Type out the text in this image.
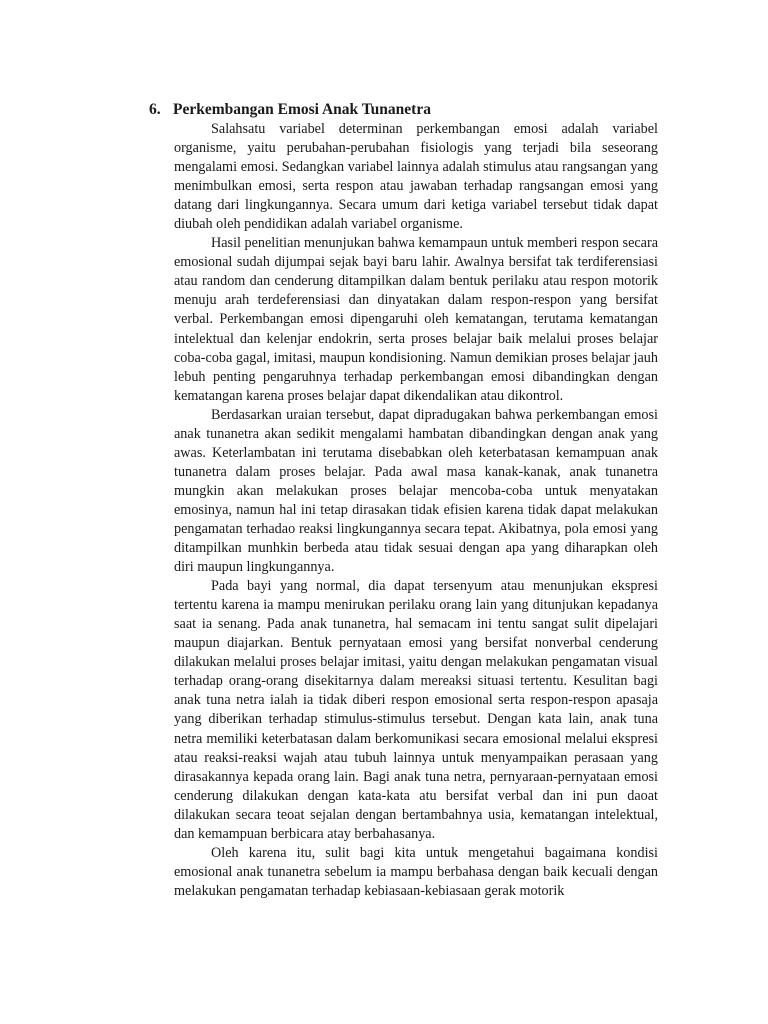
6. Perkembangan Emosi Anak Tunanetra

Salahsatu variabel determinan perkembangan emosi adalah variabel organisme, yaitu perubahan-perubahan fisiologis yang terjadi bila seseorang mengalami emosi. Sedangkan variabel lainnya adalah stimulus atau rangsangan yang menimbulkan emosi, serta respon atau jawaban terhadap rangsangan emosi yang datang dari lingkungannya. Secara umum dari ketiga variabel tersebut tidak dapat diubah oleh pendidikan adalah variabel organisme.

Hasil penelitian menunjukan bahwa kemampaun untuk memberi respon secara emosional sudah dijumpai sejak bayi baru lahir. Awalnya bersifat tak terdiferensiasi atau random dan cenderung ditampilkan dalam bentuk perilaku atau respon motorik menuju arah terdeferensiasi dan dinyatakan dalam respon-respon yang bersifat verbal. Perkembangan emosi dipengaruhi oleh kematangan, terutama kematangan intelektual dan kelenjar endokrin, serta proses belajar baik melalui proses belajar coba-coba gagal, imitasi, maupun kondisioning. Namun demikian proses belajar jauh lebuh penting pengaruhnya terhadap perkembangan emosi dibandingkan dengan kematangan karena proses belajar dapat dikendalikan atau dikontrol.

Berdasarkan uraian tersebut, dapat dipradugakan bahwa perkembangan emosi anak tunanetra akan sedikit mengalami hambatan dibandingkan dengan anak yang awas. Keterlambatan ini terutama disebabkan oleh keterbatasan kemampuan anak tunanetra dalam proses belajar. Pada awal masa kanak-kanak, anak tunanetra mungkin akan melakukan proses belajar mencoba-coba untuk menyatakan emosinya, namun hal ini tetap dirasakan tidak efisien karena tidak dapat melakukan pengamatan terhadao reaksi lingkungannya secara tepat. Akibatnya, pola emosi yang ditampilkan munhkin berbeda atau tidak sesuai dengan apa yang diharapkan oleh diri maupun lingkungannya.

Pada bayi yang normal, dia dapat tersenyum atau menunjukan ekspresi tertentu karena ia mampu menirukan perilaku orang lain yang ditunjukan kepadanya saat ia senang. Pada anak tunanetra, hal semacam ini tentu sangat sulit dipelajari maupun diajarkan. Bentuk pernyataan emosi yang bersifat nonverbal cenderung dilakukan melalui proses belajar imitasi, yaitu dengan melakukan pengamatan visual terhadap orang-orang disekitarnya dalam mereaksi situasi tertentu. Kesulitan bagi anak tuna netra ialah ia tidak diberi respon emosional serta respon-respon apasaja yang diberikan terhadap stimulus-stimulus tersebut. Dengan kata lain, anak tuna netra memiliki keterbatasan dalam berkomunikasi secara emosional melalui ekspresi atau reaksi-reaksi wajah atau tubuh lainnya untuk menyampaikan perasaan yang dirasakannya kepada orang lain. Bagi anak tuna netra, pernyaraan-pernyataan emosi cenderung dilakukan dengan kata-kata atu bersifat verbal dan ini pun daoat dilakukan secara teoat sejalan dengan bertambahnya usia, kematangan intelektual, dan kemampuan berbicara atay berbahasanya.

Oleh karena itu, sulit bagi kita untuk mengetahui bagaimana kondisi emosional anak tunanetra sebelum ia mampu berbahasa dengan baik kecuali dengan melakukan pengamatan terhadap kebiasaan-kebiasaan gerak motorik
